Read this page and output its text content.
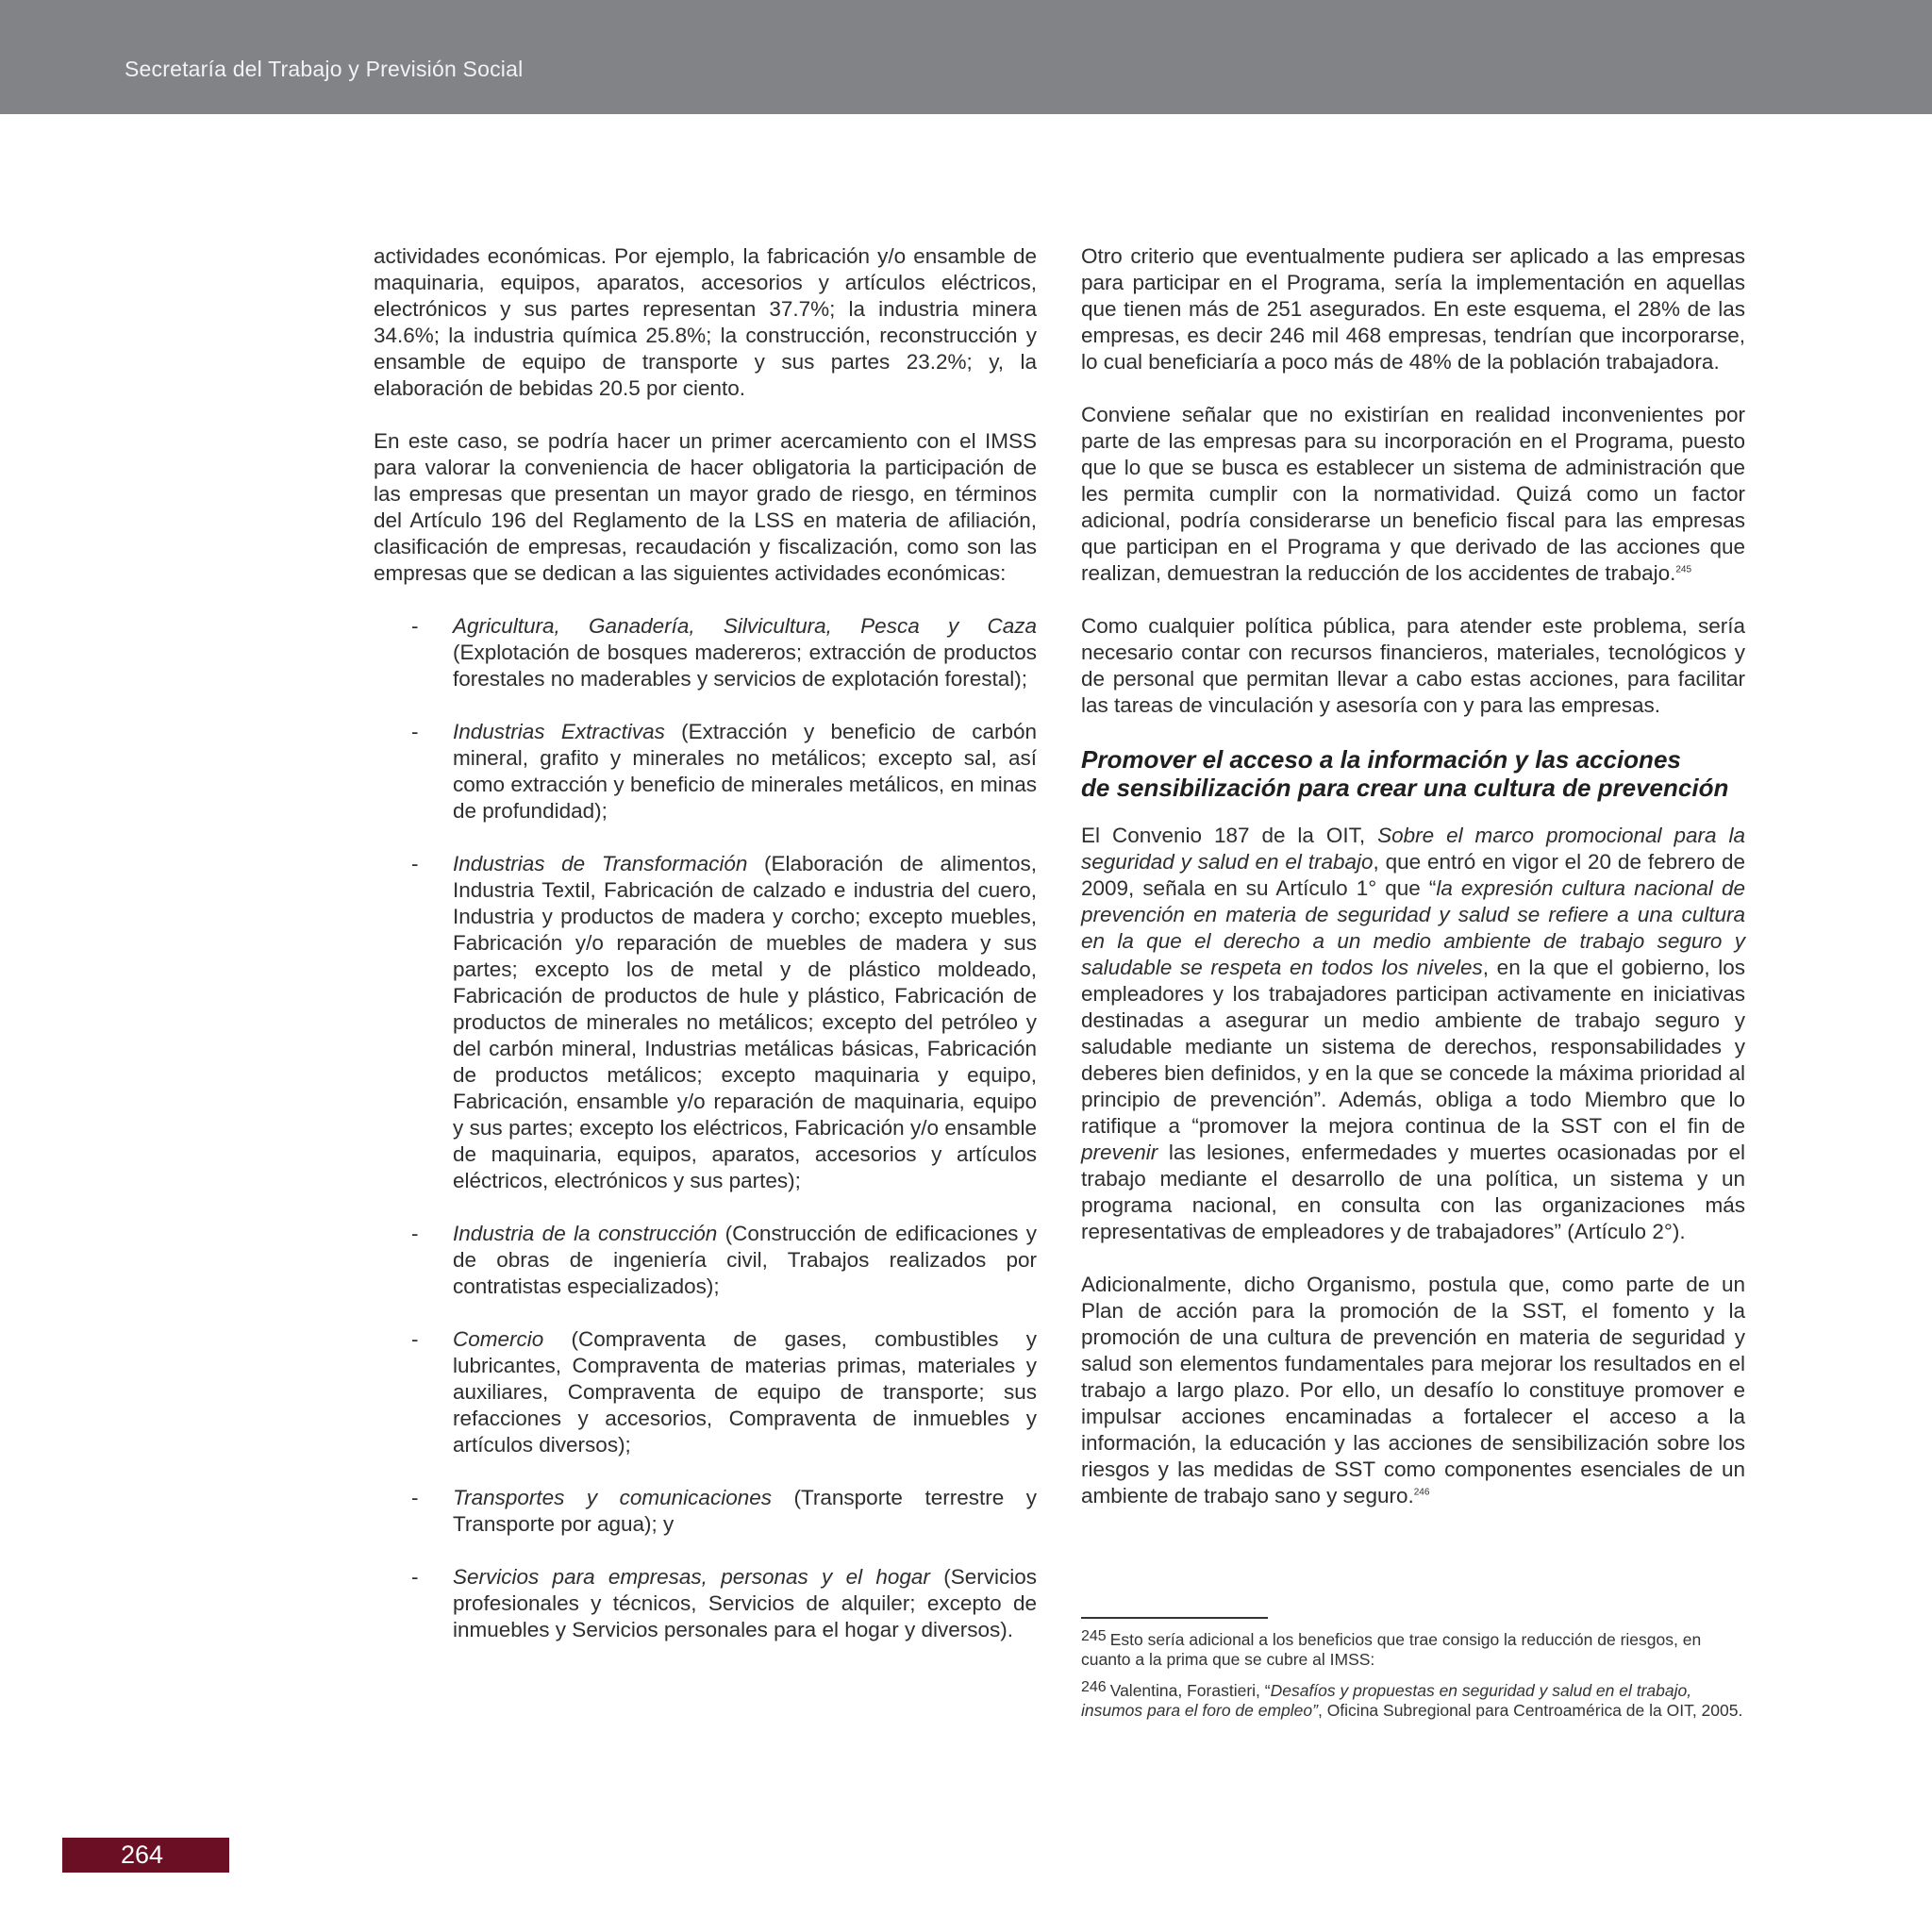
Secretaría del Trabajo y Previsión Social

actividades económicas. Por ejemplo, la fabricación y/o ensamble de maquinaria, equipos, aparatos, accesorios y artículos eléctricos, electrónicos y sus partes representan 37.7%; la industria minera 34.6%; la industria química 25.8%; la construcción, reconstrucción y ensamble de equipo de transporte y sus partes 23.2%; y, la elaboración de bebidas 20.5 por ciento.

En este caso, se podría hacer un primer acercamiento con el IMSS para valorar la conveniencia de hacer obligatoria la participación de las empresas que presentan un mayor grado de riesgo, en términos del Artículo 196 del Reglamento de la LSS en materia de afiliación, clasificación de empresas, recaudación y fiscalización, como son las empresas que se dedican a las siguientes actividades económicas:

- Agricultura, Ganadería, Silvicultura, Pesca y Caza (Explotación de bosques madereros; extracción de productos forestales no maderables y servicios de explotación forestal);
- Industrias Extractivas (Extracción y beneficio de carbón mineral, grafito y minerales no metálicos; excepto sal, así como extracción y beneficio de minerales metálicos, en minas de profundidad);
- Industrias de Transformación (Elaboración de alimentos, Industria Textil, Fabricación de calzado e industria del cuero, Industria y productos de madera y corcho; excepto muebles, Fabricación y/o reparación de muebles de madera y sus partes; excepto los de metal y de plástico moldeado, Fabricación de productos de hule y plástico, Fabricación de productos de minerales no metálicos; excepto del petróleo y del carbón mineral, Industrias metálicas básicas, Fabricación de productos metálicos; excepto maquinaria y equipo, Fabricación, ensamble y/o reparación de maquinaria, equipo y sus partes; excepto los eléctricos, Fabricación y/o ensamble de maquinaria, equipos, aparatos, accesorios y artículos eléctricos, electrónicos y sus partes);
- Industria de la construcción (Construcción de edificaciones y de obras de ingeniería civil, Trabajos realizados por contratistas especializados);
- Comercio (Compraventa de gases, combustibles y lubricantes, Compraventa de materias primas, materiales y auxiliares, Compraventa de equipo de transporte; sus refacciones y accesorios, Compraventa de inmuebles y artículos diversos);
- Transportes y comunicaciones (Transporte terrestre y Transporte por agua); y
- Servicios para empresas, personas y el hogar (Servicios profesionales y técnicos, Servicios de alquiler; excepto de inmuebles y Servicios personales para el hogar y diversos).

Otro criterio que eventualmente pudiera ser aplicado a las empresas para participar en el Programa, sería la implementación en aquellas que tienen más de 251 asegurados. En este esquema, el 28% de las empresas, es decir 246 mil 468 empresas, tendrían que incorporarse, lo cual beneficiaría a poco más de 48% de la población trabajadora.

Conviene señalar que no existirían en realidad inconvenientes por parte de las empresas para su incorporación en el Programa, puesto que lo que se busca es establecer un sistema de administración que les permita cumplir con la normatividad. Quizá como un factor adicional, podría considerarse un beneficio fiscal para las empresas que participan en el Programa y que derivado de las acciones que realizan, demuestran la reducción de los accidentes de trabajo.$^{245}$

Como cualquier política pública, para atender este problema, sería necesario contar con recursos financieros, materiales, tecnológicos y de personal que permitan llevar a cabo estas acciones, para facilitar las tareas de vinculación y asesoría con y para las empresas.

Promover el acceso a la información y las acciones
de sensibilización para crear una cultura de prevención

El Convenio 187 de la OIT, Sobre el marco promocional para la seguridad y salud en el trabajo, que entró en vigor el 20 de febrero de 2009, señala en su Artículo 1° que “la expresión cultura nacional de prevención en materia de seguridad y salud se refiere a una cultura en la que el derecho a un medio ambiente de trabajo seguro y saludable se respeta en todos los niveles, en la que el gobierno, los empleadores y los trabajadores participan activamente en iniciativas destinadas a asegurar un medio ambiente de trabajo seguro y saludable mediante un sistema de derechos, responsabilidades y deberes bien definidos, y en la que se concede la máxima prioridad al principio de prevención”. Además, obliga a todo Miembro que lo ratifique a “promover la mejora continua de la SST con el fin de prevenir las lesiones, enfermedades y muertes ocasionadas por el trabajo mediante el desarrollo de una política, un sistema y un programa nacional, en consulta con las organizaciones más representativas de empleadores y de trabajadores” (Artículo 2°).

Adicionalmente, dicho Organismo, postula que, como parte de un Plan de acción para la promoción de la SST, el fomento y la promoción de una cultura de prevención en materia de seguridad y salud son elementos fundamentales para mejorar los resultados en el trabajo a largo plazo. Por ello, un desafío lo constituye promover e impulsar acciones encaminadas a fortalecer el acceso a la información, la educación y las acciones de sensibilización sobre los riesgos y las medidas de SST como componentes esenciales de un ambiente de trabajo sano y seguro.$^{246}$

245 Esto sería adicional a los beneficios que trae consigo la reducción de riesgos, en cuanto a la prima que se cubre al IMSS:

246 Valentina, Forastieri, “Desafíos y propuestas en seguridad y salud en el trabajo, insumos para el foro de empleo”, Oficina Subregional para Centroamérica de la OIT, 2005.

264
